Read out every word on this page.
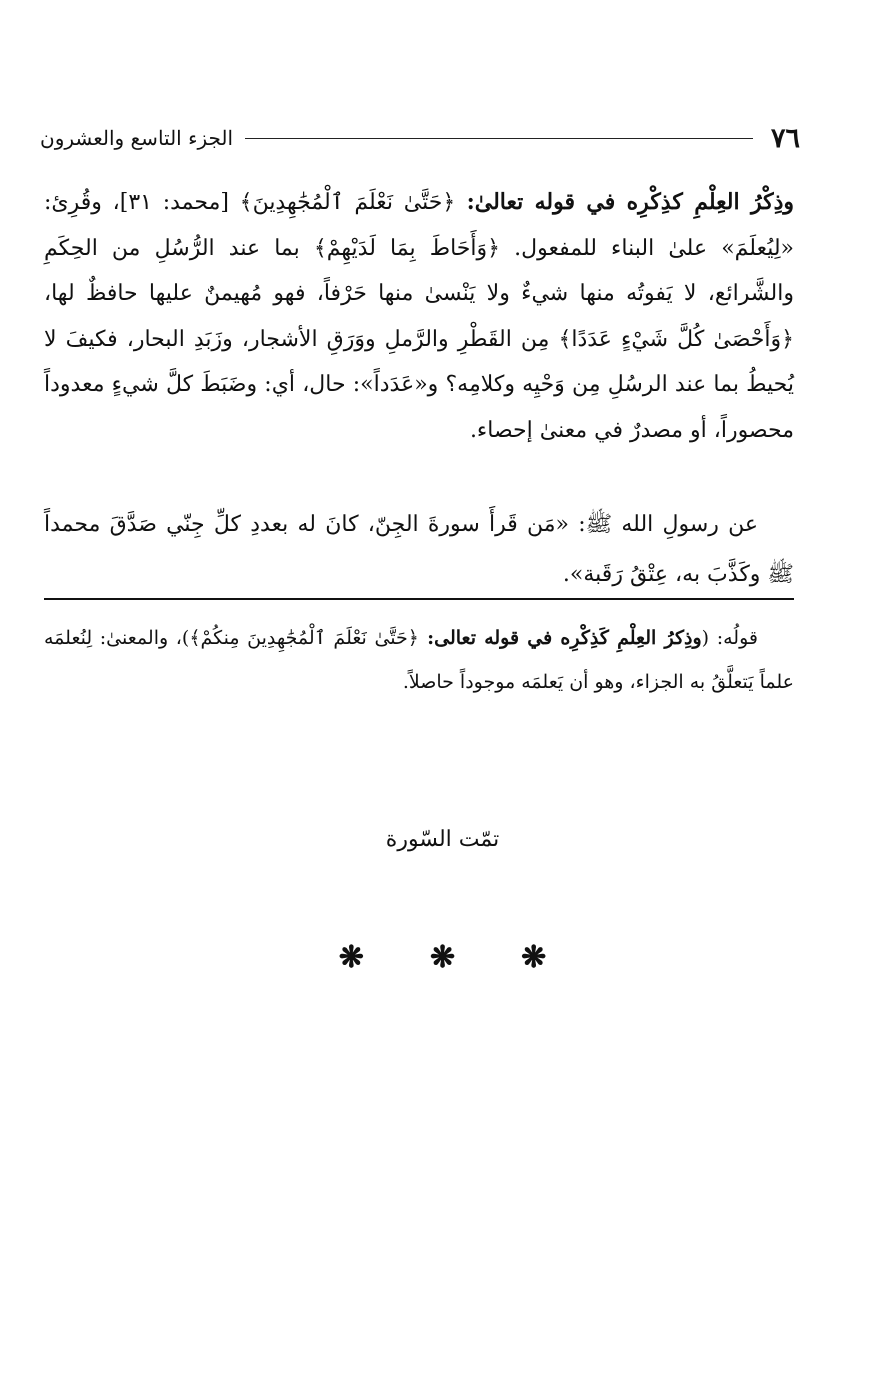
٧٦
الجزء التاسع والعشرون
وذِكْرُ العِلْمِ كذِكْرِه في قوله تعالىٰ: ﴿حَتَّىٰ نَعْلَمَ ٱلْمُجَٰهِدِينَ﴾ [محمد: ٣١]، وقُرِئ: «لِيُعلَمَ» علىٰ البناء للمفعول. ﴿وَأَحَاطَ بِمَا لَدَيْهِمْ﴾ بما عند الرُّسُلِ من الحِكَمِ والشَّرائع، لا يَفوتُه منها شيءٌ ولا يَنْسىٰ منها حَرْفاً، فهو مُهيمنٌ عليها حافظٌ لها، ﴿وَأَحْصَىٰ كُلَّ شَيْءٍ عَدَدًا﴾ مِن القَطْرِ والرَّملِ ووَرَقِ الأشجار، وزَبَدِ البحار، فكيفَ لا يُحيطُ بما عند الرسُلِ مِن وَحْيِه وكلامِه؟ و«عَدَداً»: حال، أي: وضَبَطَ كلَّ شيءٍ معدوداً محصوراً، أو مصدرٌ في معنىٰ إحصاء.
عن رسولِ الله ﷺ: «مَن قَرأَ سورةَ الجِنّ، كانَ له بعددِ كلِّ جِنّي صَدَّقَ محمداً ﷺ وكَذَّبَ به، عِتْقُ رَقَبة».
قولُه: (وذِكرُ العِلْمِ كَذِكْرِه في قوله تعالى: ﴿حَتَّىٰ نَعْلَمَ ٱلْمُجَٰهِدِينَ مِنكُمْ﴾)، والمعنىٰ: لِنُعلمَه علماً يَتعلَّقُ به الجزاء، وهو أن يَعلمَه موجوداً حاصلاً.
تمّت السّورة
❋
❋
❋
